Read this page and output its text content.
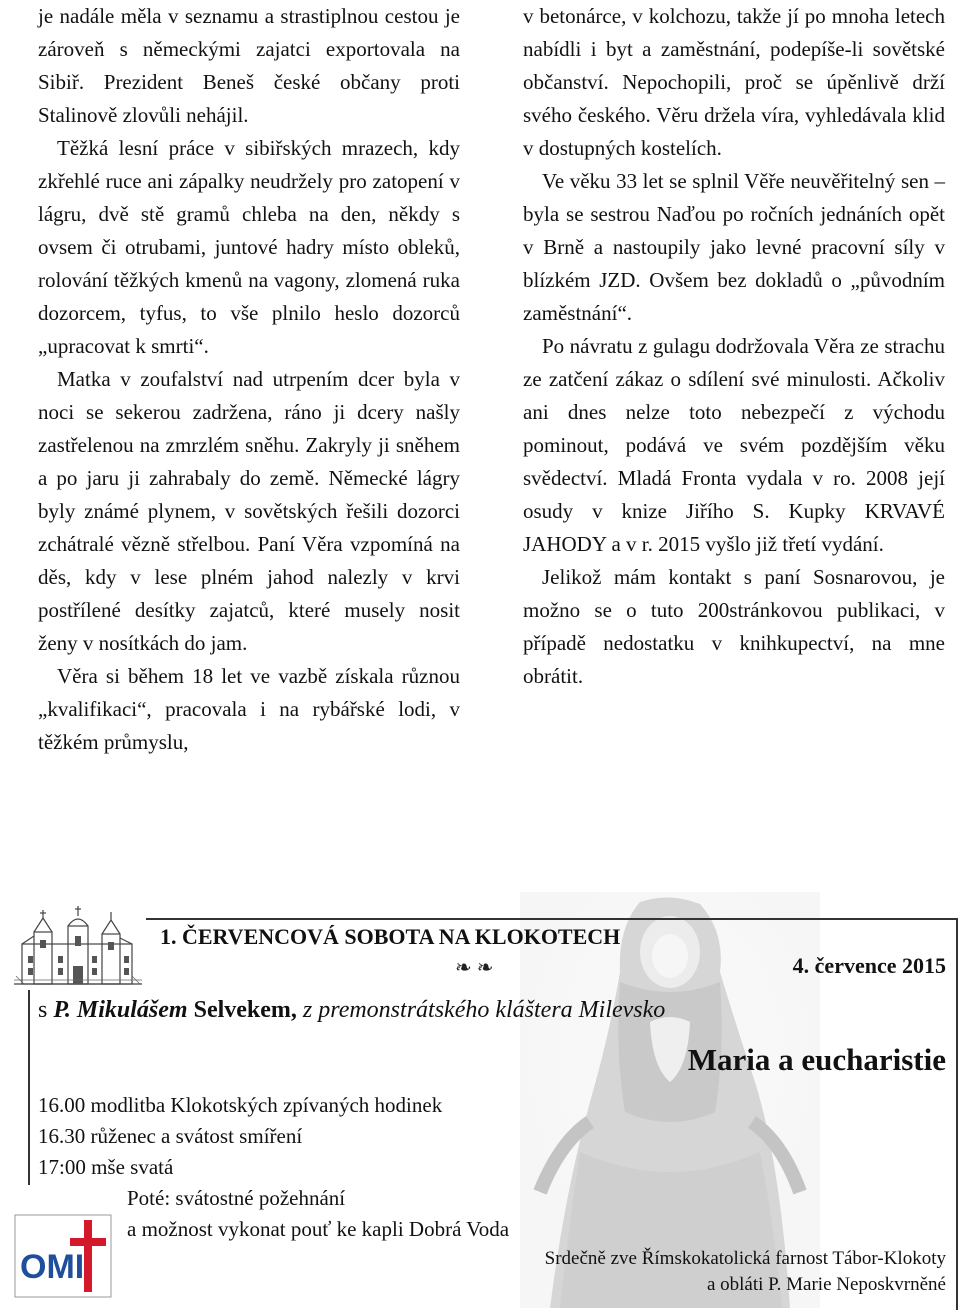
je nadále měla v seznamu a strastiplnou cestou je zároveň s německými zajatci exportovala na Sibiř. Prezident Beneš české občany proti Stalinově zlovůli nehájil.

Těžká lesní práce v sibiřských mrazech, kdy zkřehlé ruce ani zápalky neudržely pro zatopení v lágru, dvě stě gramů chleba na den, někdy s ovsem či otrubami, juntové hadry místo obleků, rolování těžkých kmenů na vagony, zlomená ruka dozorcem, tyfus, to vše plnilo heslo dozorců „upracovat k smrti“.

Matka v zoufalství nad utrpením dcer byla v noci se sekerou zadržena, ráno ji dcery našly zastřelenou na zmrzlém sněhu. Zakryly ji sněhem a po jaru ji zahrabaly do země. Německé lágry byly známé plynem, v sovětských řešili dozorci zchátralé vězně střelbou. Paní Věra vzpomíná na děs, kdy v lese plném jahod nalezly v krvi postřílené desítky zajatců, které musely nosit ženy v nosítkách do jam.

Věra si během 18 let ve vazbě získala různou „kvalifikaci“, pracovala i na rybářské lodi, v těžkém průmyslu,

v betonárce, v kolchozu, takže jí po mnoha letech nabídli i byt a zaměstnání, podepíše-li sovětské občanství. Nepochopili, proč se úpěnlivě drží svého českého. Věru držela víra, vyhledávala klid v dostupných kostelích.

Ve věku 33 let se splnil Věře neuvěřitelný sen – byla se sestrou Naďou po ročních jednáních opět v Brně a nastoupily jako levné pracovní síly v blízkém JZD. Ovšem bez dokladů o „původním zaměstnání“.

Po návratu z gulagu dodržovala Věra ze strachu ze zatčení zákaz o sdílení své minulosti. Ačkoliv ani dnes nelze toto nebezpečí z východu pominout, podává ve svém pozdějším věku svědectví. Mladá Fronta vydala v ro. 2008 její osudy v knize Jiřího S. Kupky KRVAVÉ JAHODY a v r. 2015 vyšlo již třetí vydání.

Jelikož mám kontakt s paní Sosnarovou, je možno se o tuto 200stránkovou publikaci, v případě nedostatku v knihkupectví, na mne obrátit.

1. ČERVENCOVÁ SOBOTA NA KLOKOTECH
❧ ❧	4. července 2015
s P. Mikulášem Selvekem, z premonstrátského kláštera Milevsko
Maria a eucharistie
16.00 modlitba Klokotských zpívaných hodinek
16.30 růženec a svátost smíření
17:00 mše svatá
Poté: svátostné požehnání
a možnost vykonat pouť ke kapli Dobrá Voda
Srdečně zve Římskokatolická farnost Tábor-Klokoty
a obláti P. Marie Neposkvrněné
OMI
